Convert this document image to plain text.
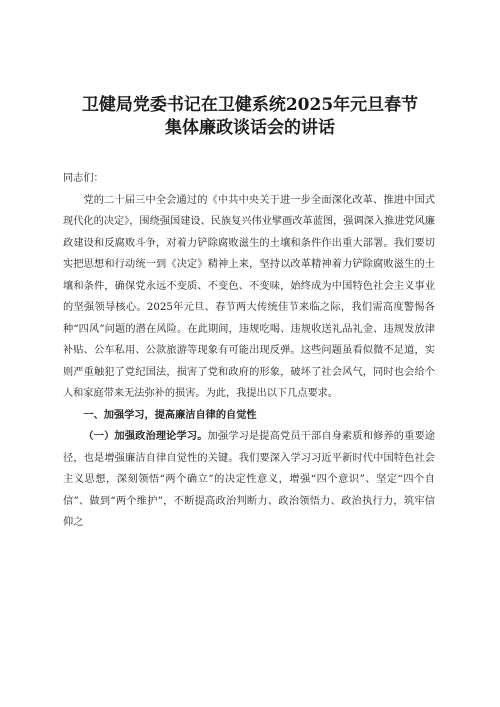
卫健局党委书记在卫健系统2025年元旦春节
集体廉政谈话会的讲话

同志们：

党的二十届三中全会通过的《中共中央关于进一步全面深化改革、推进中国式现代化的决定》，围绕强国建设、民族复兴伟业擘画改革蓝图，强调深入推进党风廉政建设和反腐败斗争，对着力铲除腐败滋生的土壤和条件作出重大部署。我们要切实把思想和行动统一到《决定》精神上来，坚持以改革精神着力铲除腐败滋生的土壤和条件，确保党永远不变质、不变色、不变味，始终成为中国特色社会主义事业的坚强领导核心。2025年元旦、春节两大传统佳节来临之际，我们需高度警惕各种“四风”问题的潜在风险。在此期间，违规吃喝、违规收送礼品礼金、违规发放津补贴、公车私用、公款旅游等现象有可能出现反弹。这些问题虽看似微不足道，实则严重触犯了党纪国法，损害了党和政府的形象，破坏了社会风气，同时也会给个人和家庭带来无法弥补的损害。为此，我提出以下几点要求。

一、加强学习，提高廉洁自律的自觉性

（一）加强政治理论学习。加强学习是提高党员干部自身素质和修养的重要途径，也是增强廉洁自律自觉性的关键。我们要深入学习习近平新时代中国特色社会主义思想，深刻领悟“两个确立”的决定性意义，增强“四个意识”、坚定“四个自信”、做到“两个维护”，不断提高政治判断力、政治领悟力、政治执行力，筑牢信仰之
